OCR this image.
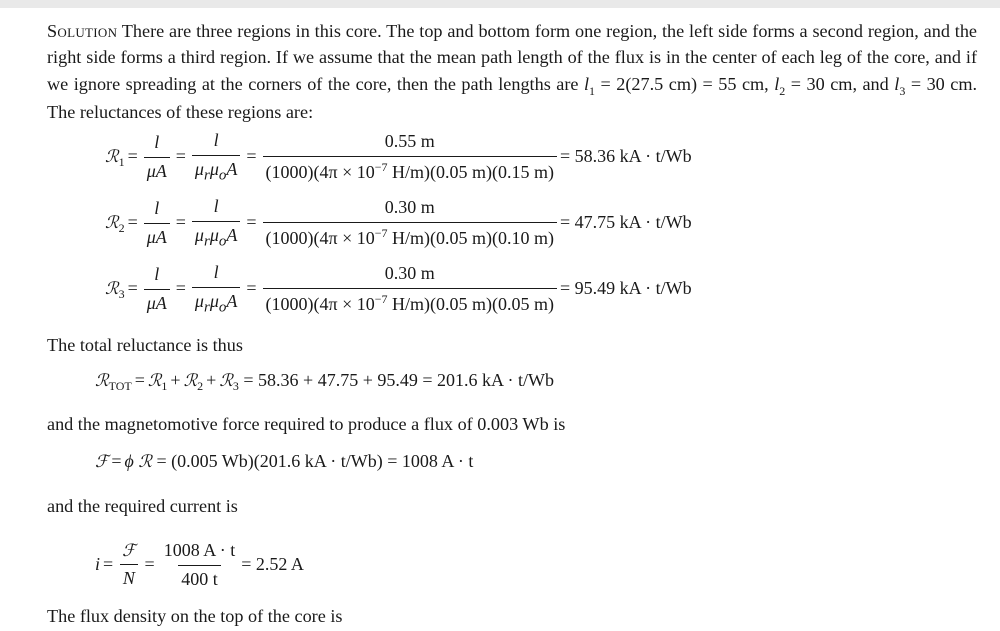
Solution There are three regions in this core. The top and bottom form one region, the left side forms a second region, and the right side forms a third region. If we assume that the mean path length of the flux is in the center of each leg of the core, and if we ignore spreading at the corners of the core, then the path lengths are $l_1 = 2(27.5$ cm) = 55 cm, $l_2 = 30$ cm, and $l_3 = 30$ cm. The reluctances of these regions are:

ℛ $1 = \frac{l}{\mu A} = \frac{l}{\mu_r\mu_oA} = \frac{0.55 m}{(1000)(4\pi \times 10^{-7} H/m)(0.05 m)(0.15 m)} = 58.36$ kA · t/Wb
ℛ $2 = \frac{l}{\mu A} = \frac{l}{\mu_r\mu_oA} = \frac{0.30 m}{(1000)(4\pi \times 10^{-7} H/m)(0.05 m)(0.10 m)} = 47.75$ kA · t/Wb
ℛ $3 = \frac{l}{\mu A} = \frac{l}{\mu_r\mu_oA} = \frac{0.30 m}{(1000)(4\pi \times 10^{-7} H/m)(0.05 m)(0.05 m)} = 95.49$ kA · t/Wb
The total reluctance is thus
ℛ TOT = ℛ 1 + ℛ 2 + ℛ 3
= 58.36 + 47.75 + 95.49 = 201.6 kA · t/Wb
and the magnetomotive force required to produce a flux of 0.003 Wb is
ℱ = ϕ
ℛ
= (0.005 Wb)(201.6 kA · t/Wb) = 1008 A · t
and the required current is
$i = \frac{\text{ℱ}}{N} = \frac{1008 A \cdot t}{400 t} = 2.52$ A
The flux density on the top of the core is
